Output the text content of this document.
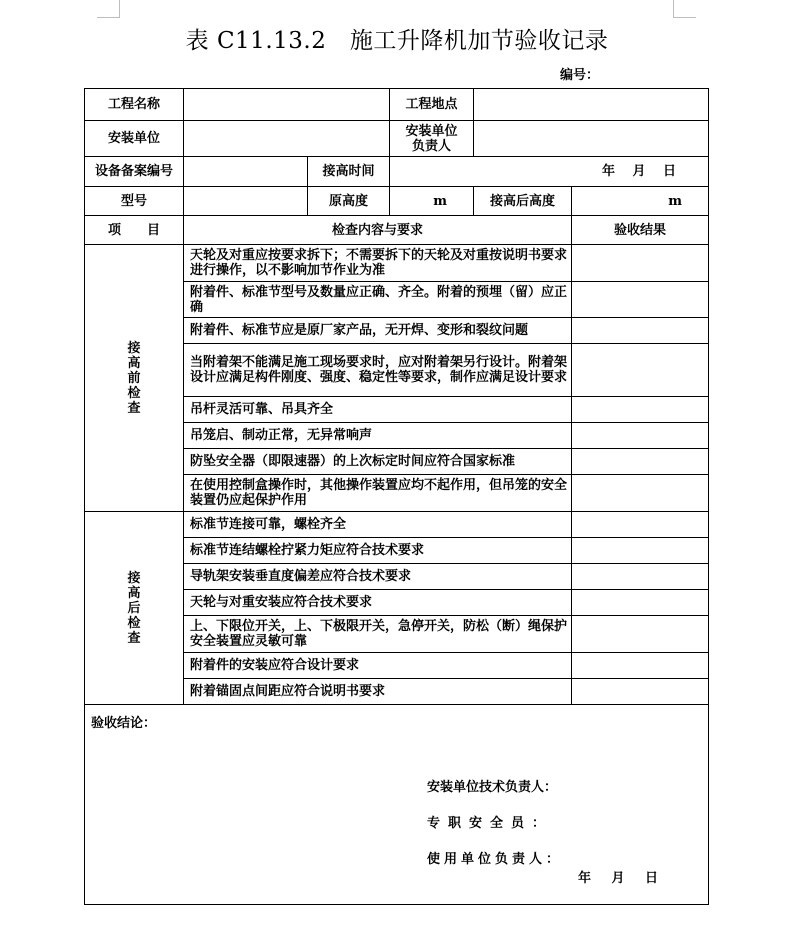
表 C11.13.2　施工升降机加节验收记录
编号：
工程名称			工程地点		
安装单位			安装单位负责人		
设备备案编号		接高时间	年　 月　 日		
型号		原高度	m	接高后高度	m
项　　目	检查内容与要求				验收结果

接
高
前
检
查	天轮及对重应按要求拆下；不需要拆下的天轮及对重按说明书要求进行操作，以不影响加节作业为准				
	附着件、标准节型号及数量应正确、齐全。附着的预埋（留）应正确				
	附着件、标准节应是原厂家产品，无开焊、变形和裂纹问题				
	当附着架不能满足施工现场要求时，应对附着架另行设计。附着架设计应满足构件刚度、强度、稳定性等要求，制作应满足设计要求				
	吊杆灵活可靠、吊具齐全				
	吊笼启、制动正常，无异常响声				
	防坠安全器（即限速器）的上次标定时间应符合国家标准				
	在使用控制盒操作时，其他操作装置应均不起作用，但吊笼的安全装置仍应起保护作用				

接
高
后
检
查	标准节连接可靠，螺栓齐全				
	标准节连结螺栓拧紧力矩应符合技术要求				
	导轨架安装垂直度偏差应符合技术要求				
	天轮与对重安装应符合技术要求				
	上、下限位开关，上、下极限开关，急停开关，防松（断）绳保护安全装置应灵敏可靠				
	附着件的安装应符合设计要求				
	附着锚固点间距应符合说明书要求				

验收结论：
安装单位技术负责人：
专职安全员：
使用单位负责人：
年　 月　 日					
